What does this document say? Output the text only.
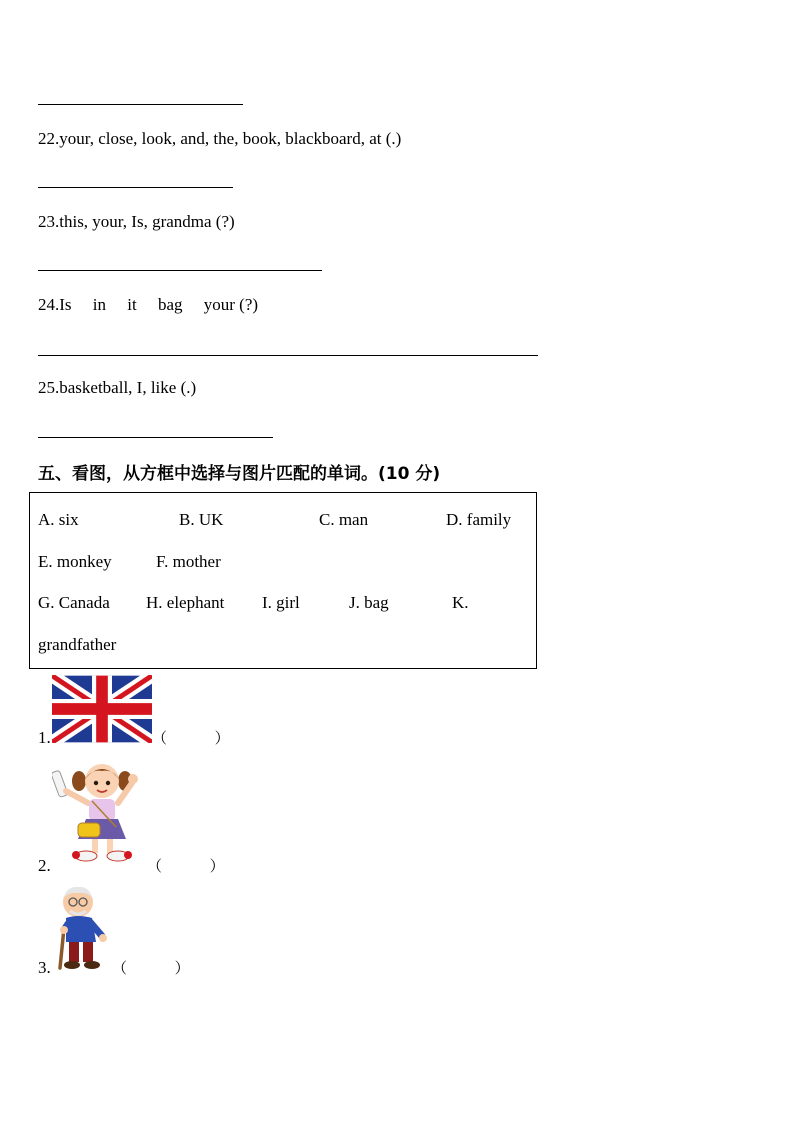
22.your, close, look, and, the, book, blackboard, at (.)
23.this, your, Is, grandma (?)
24.Is     in     it     bag     your (?)
25.basketball, I, like (.)
五、看图，从方框中选择与图片匹配的单词。(10 分)
A. six	B. UK	C. man	D. family
E. monkey	F. mother
G. Canada H. elephant I. girl	J. bag	K.
grandfather
1.	（          ）
2.	（          ）
3.	（          ）
